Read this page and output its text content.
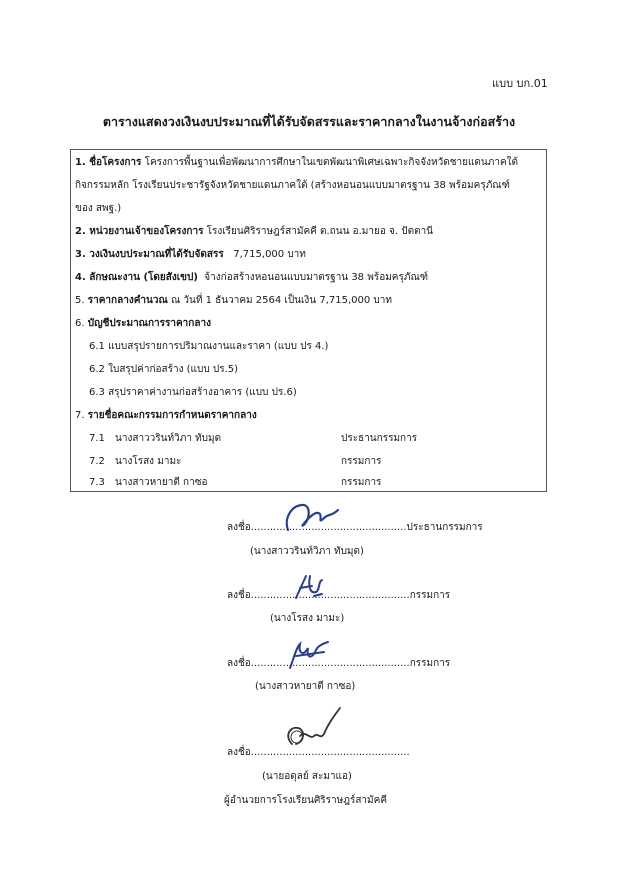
แบบ บก.01
ตารางแสดงวงเงินงบประมาณที่ได้รับจัดสรรและราคากลางในงานจ้างก่อสร้าง
1. ชื่อโครงการ โครงการพื้นฐานเพื่อพัฒนาการศึกษาในเขตพัฒนาพิเศษเฉพาะกิจจังหวัดชายแดนภาคใต้
กิจกรรมหลัก โรงเรียนประชารัฐจังหวัดชายแดนภาคใต้ (สร้างหอนอนแบบมาตรฐาน 38 พร้อมครุภัณฑ์
ของ สพฐ.)
2. หน่วยงานเจ้าของโครงการ โรงเรียนศิริราษฎร์สามัคคี ต.ถนน อ.มายอ จ. ปัตตานี
3. วงเงินงบประมาณที่ได้รับจัดสรร 7,715,000 บาท
4. ลักษณะงาน (โดยสังเขป) จ้างก่อสร้างหอนอนแบบมาตรฐาน 38 พร้อมครุภัณฑ์
5. ราคากลางคำนวณ ณ วันที่ 1 ธันวาคม 2564 เป็นเงิน 7,715,000 บาท
6. บัญชีประมาณการราคากลาง
6.1 แบบสรุปรายการปริมาณงานและราคา (แบบ ปร 4.)
6.2 ใบสรุปค่าก่อสร้าง (แบบ ปร.5)
6.3 สรุปราคาค่างานก่อสร้างอาคาร (แบบ ปร.6)
7. รายชื่อคณะกรรมการกำหนดราคากลาง
7.1 นางสาววรินท์วิภา ทับมุด	ประธานกรรมการ
7.2 นางโรสง มามะ	กรรมการ
7.3 นางสาวหายาตี กาซอ	กรรมการ
ลงชื่อ.................................................ประธานกรรมการ
(นางสาววรินท์วิภา ทับมุด)
ลงชื่อ..................................................กรรมการ
(นางโรสง มามะ)
ลงชื่อ..................................................กรรมการ
(นางสาวหายาตี กาซอ)
ลงชื่อ..................................................
(นายอดุลย์ สะมาแอ)
ผู้อำนวยการโรงเรียนศิริราษฎร์สามัคคี
